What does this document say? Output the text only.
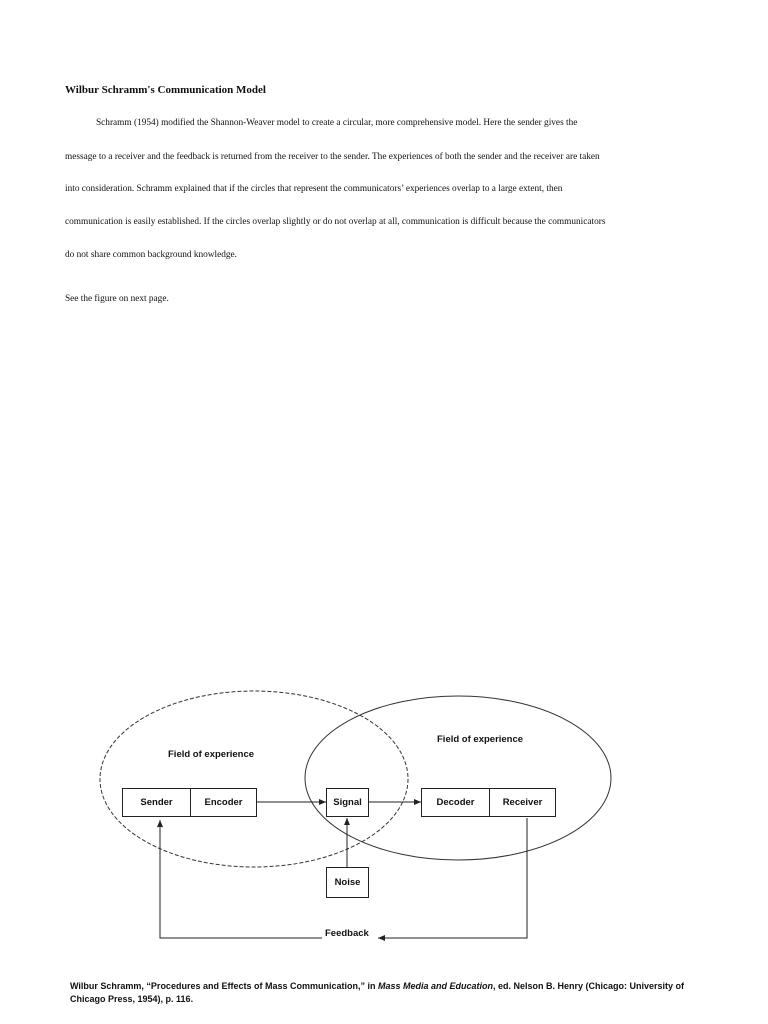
Wilbur Schramm's Communication Model
Schramm (1954) modified the Shannon-Weaver model to create a circular, more comprehensive model. Here the sender gives the
message to a receiver and the feedback is returned from the receiver to the sender. The experiences of both the sender and the receiver are taken
into consideration. Schramm explained that if the circles that represent the communicators’ experiences overlap to a large extent, then
communication is easily established. If the circles overlap slightly or do not overlap at all, communication is difficult because the communicators
do not share common background knowledge.
See the figure on next page.
Field of experience
Field of experience
Sender	Encoder	Signal	Decoder	Receiver
Noise
Feedback
Wilbur Schramm, “Procedures and Effects of Mass Communication,” in Mass Media and Education, ed. Nelson B. Henry (Chicago: University of Chicago Press, 1954), p. 116.
